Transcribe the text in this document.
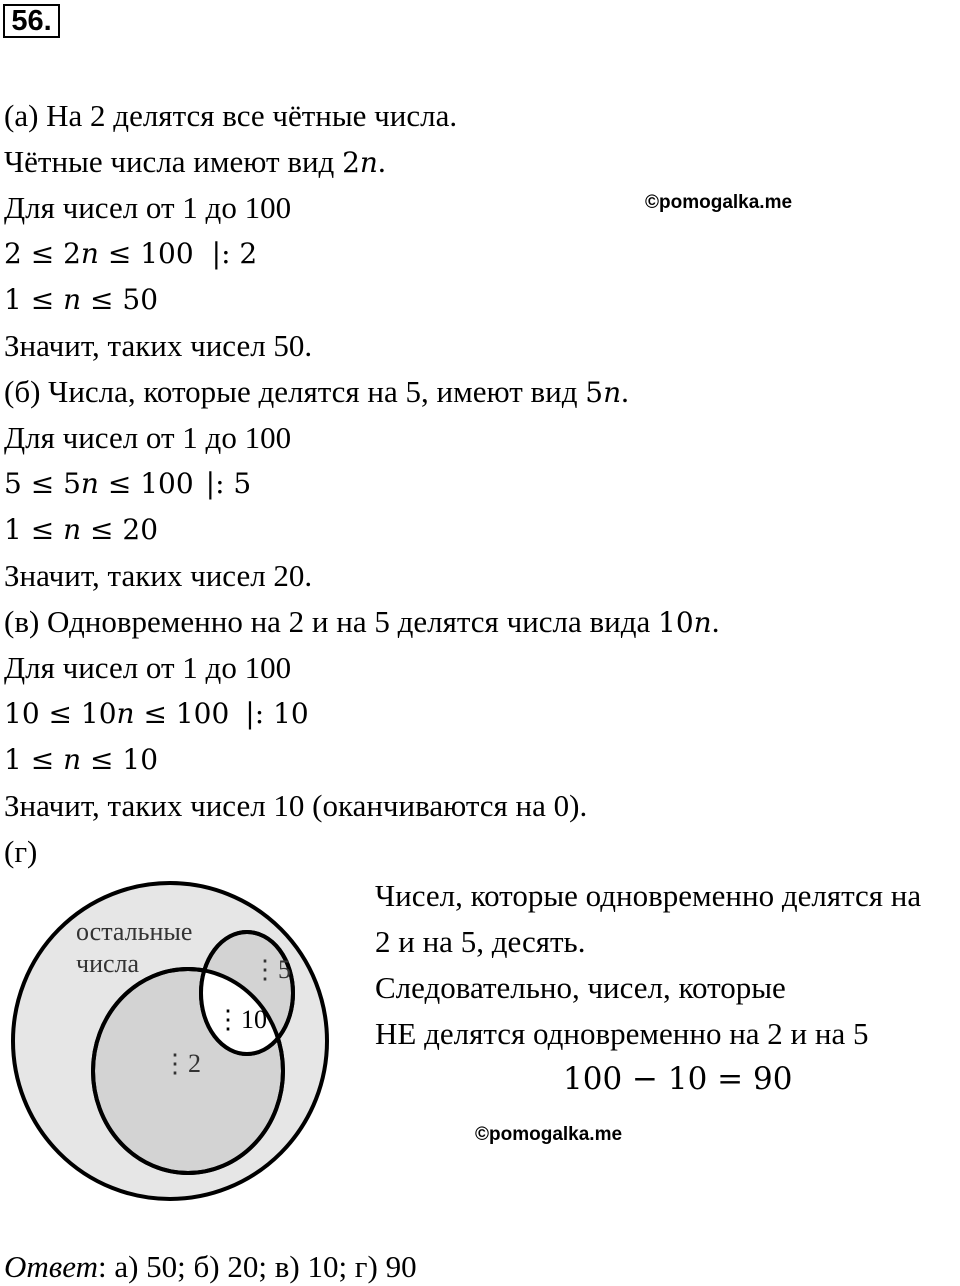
56.
(а) На 2 делятся все чётные числа.
Чётные числа имеют вид 2n.
Для чисел от 1 до 100	©pomogalka.me
2 ≤ 2n ≤ 100 |: 2
1 ≤ n ≤ 50
Значит, таких чисел 50.
(б) Числа, которые делятся на 5, имеют вид 5n.
Для чисел от 1 до 100
5 ≤ 5n ≤ 100 |: 5
1 ≤ n ≤ 20
Значит, таких чисел 20.
(в) Одновременно на 2 и на 5 делятся числа вида 10n.
Для чисел от 1 до 100
10 ≤ 10n ≤ 100 |: 10
1 ≤ n ≤ 10
Значит, таких чисел 10 (оканчиваются на 0).
(г)
остальные
числа	⋮5
⋮10
⋮2
Чисел, которые одновременно делятся на
2 и на 5, десять.
Следовательно, чисел, которые
НЕ делятся одновременно на 2 и на 5
100 − 10 = 90
©pomogalka.me
Ответ: а) 50; б) 20; в) 10; г) 90
